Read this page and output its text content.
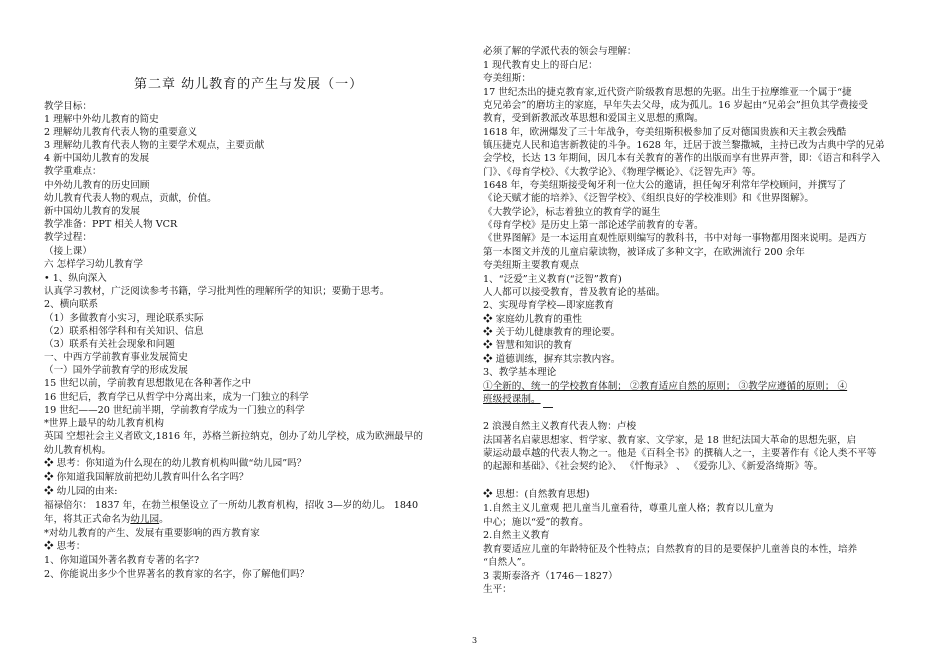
第二章 幼儿教育的产生与发展（一）
教学目标：
1 理解中外幼儿教育的简史
2 理解幼儿教育代表人物的重要意义
3 理解幼儿教育代表人物的主要学术观点，主要贡献
4 新中国幼儿教育的发展
教学重难点：
中外幼儿教育的历史回顾
幼儿教育代表人物的观点，贡献，价值。
新中国幼儿教育的发展
教学准备：PPT 相关人物 VCR
教学过程：
（接上课）
六 怎样学习幼儿教育学
• 1、纵向深入
认真学习教材，广泛阅读参考书籍，学习批判性的理解所学的知识；要勤于思考。
2、横向联系
（1）多做教育小实习，理论联系实际
（2）联系相邻学科和有关知识、信息
（3）联系有关社会现象和问题
一、中西方学前教育事业发展简史
（一）国外学前教育学的形成发展
15 世纪以前，学前教育思想散见在各种著作之中
16 世纪后，教育学已从哲学中分离出来，成为一门独立的科学
19 世纪——20 世纪前半期，学前教育学成为一门独立的科学
*世界上最早的幼儿教育机构
英国 空想社会主义者欧文,1816 年，苏格兰新拉纳克，创办了幼儿学校，成为欧洲最早的
幼儿教育机构。
❖ 思考：你知道为什么现在的幼儿教育机构叫做“幼儿园”吗？
❖ 你知道我国解放前把幼儿教育叫什么名字吗？
❖ 幼儿园的由来:
福禄倍尔： 1837 年，在勃兰根堡设立了一所幼儿教育机构，招收 3—岁的幼儿。 1840
年，将其正式命名为幼儿园。
*对幼儿教育的产生、发展有重要影响的西方教育家
❖ 思考：
1、你知道国外著名教育专著的名字?
2、你能说出多少个世界著名的教育家的名字，你了解他们吗？
必须了解的学派代表的领会与理解：
1 现代教育史上的哥白尼：
夸美纽斯：
17 世纪杰出的捷克教育家,近代资产阶级教育思想的先驱。出生于拉摩维亚一个属于“捷
克兄弟会”的磨坊主的家庭，早年失去父母，成为孤儿。16 岁起由“兄弟会”担负其学费接受
教育，受到新教派改革思想和爱国主义思想的熏陶。
1618 年，欧洲爆发了三十年战争，夸美纽斯积极参加了反对德国贵族和天主教会残酷
镇压捷克人民和追害新教徒的斗争。1628 年，迁居于波兰黎撒城，主持已改为古典中学的兄弟
会学校，长达 13 年期间，因几本有关教育的著作的出版而享有世界声誉，即：《语言和科学入
门》、《母育学校》、《大教学论》、《物理学概论》、《泛智先声》等。
1648 年，夸美纽斯接受匈牙利一位大公的邀请，担任匈牙利常年学校顾问，并撰写了
《论天赋才能的培养》、《泛智学校》、《组织良好的学校准则》和《世界图解》。
《大教学论》，标志着独立的教育学的诞生
《母育学校》是历史上第一部论述学前教育的专著。
《世界图解》是一本运用直观性原则编写的教科书，书中对每一事物都用图来说明。是西方
第一本图文并茂的儿童启蒙读物，被译成了多种文字，在欧洲流行 200 余年
夸美纽斯主要教育观点
1、“泛爱”主义教育(“泛智”教育)
人人都可以接受教育，普及教育论的基础。
2、实现母育学校—即家庭教育
❖ 家庭幼儿教育的重性
❖ 关于幼儿健康教育的理论要。
❖ 智慧和知识的教育
❖ 道德训练，摒弃其宗教内容。
3、教学基本理论
①全新的、统一的学校教育体制； ②教育适应自然的原则； ③教学应遵循的原则； ④
班级授课制。
2 浪漫自然主义教育代表人物：卢梭
法国著名启蒙思想家、哲学家、教育家、文学家，是 18 世纪法国大革命的思想先驱，启
蒙运动最卓越的代表人物之一。他是《百科全书》的撰稿人之一，主要著作有《论人类不平等
的起源和基础》、《社会契约论》、 《忏悔录》 、 《爱弥儿》、《新爱洛绮斯》等。
❖ 思想：(自然教育思想)
1.自然主义儿童观 把儿童当儿童看待，尊重儿童人格；教育以儿童为
中心；施以“爱”的教育。
2.自然主义教育
教育要适应儿童的年龄特征及个性特点；自然教育的目的是要保护儿童善良的本性，培养
“自然人”。
3 裴斯泰洛齐（1746－1827）
生平：
3
